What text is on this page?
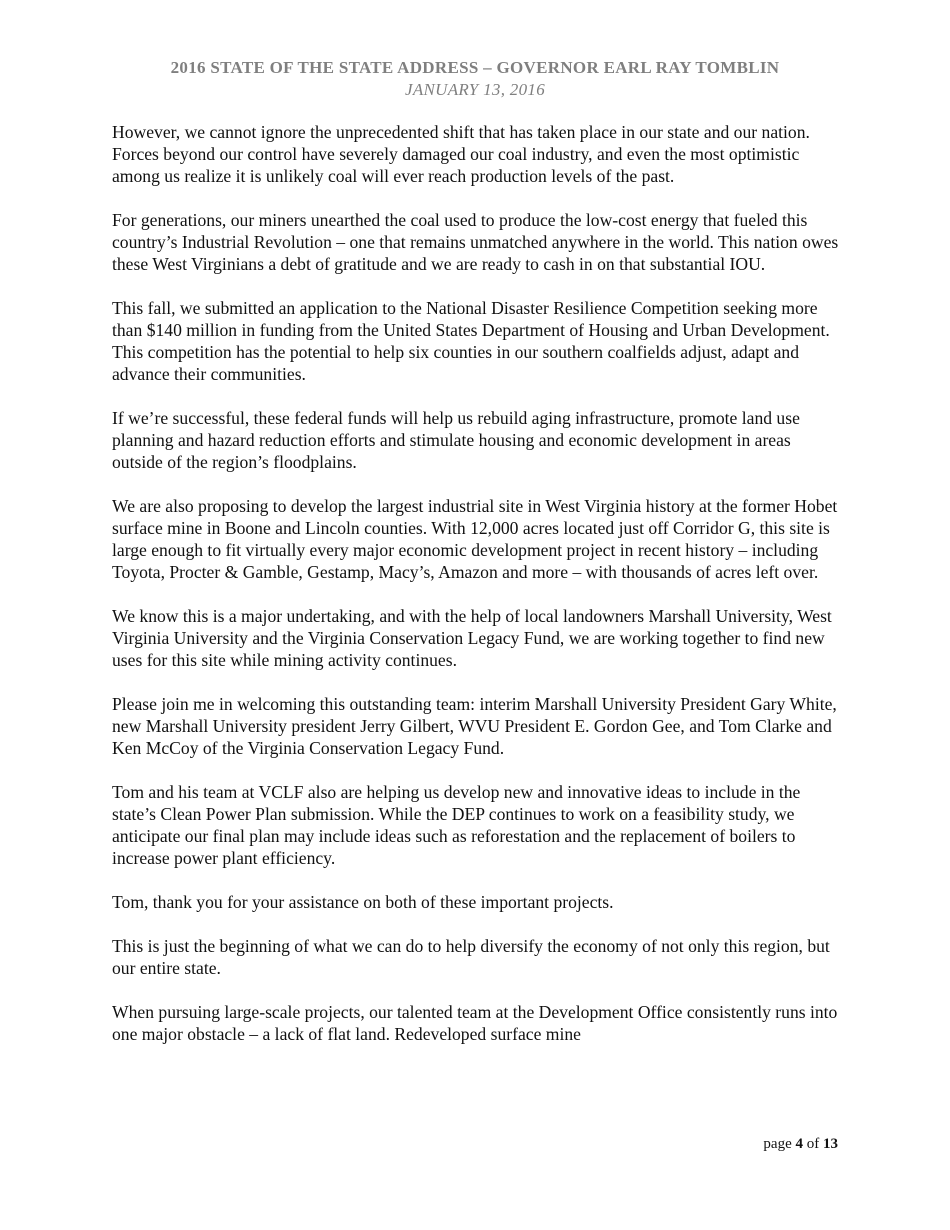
2016 STATE OF THE STATE ADDRESS – GOVERNOR EARL RAY TOMBLIN
JANUARY 13, 2016

However, we cannot ignore the unprecedented shift that has taken place in our state and our nation. Forces beyond our control have severely damaged our coal industry, and even the most optimistic among us realize it is unlikely coal will ever reach production levels of the past.

For generations, our miners unearthed the coal used to produce the low-cost energy that fueled this country’s Industrial Revolution – one that remains unmatched anywhere in the world. This nation owes these West Virginians a debt of gratitude and we are ready to cash in on that substantial IOU.

This fall, we submitted an application to the National Disaster Resilience Competition seeking more than $140 million in funding from the United States Department of Housing and Urban Development. This competition has the potential to help six counties in our southern coalfields adjust, adapt and advance their communities.

If we’re successful, these federal funds will help us rebuild aging infrastructure, promote land use planning and hazard reduction efforts and stimulate housing and economic development in areas outside of the region’s floodplains.

We are also proposing to develop the largest industrial site in West Virginia history at the former Hobet surface mine in Boone and Lincoln counties. With 12,000 acres located just off Corridor G, this site is large enough to fit virtually every major economic development project in recent history – including Toyota, Procter & Gamble, Gestamp, Macy’s, Amazon and more – with thousands of acres left over.

We know this is a major undertaking, and with the help of local landowners Marshall University, West Virginia University and the Virginia Conservation Legacy Fund, we are working together to find new uses for this site while mining activity continues.

Please join me in welcoming this outstanding team: interim Marshall University President Gary White, new Marshall University president Jerry Gilbert, WVU President E. Gordon Gee, and Tom Clarke and Ken McCoy of the Virginia Conservation Legacy Fund.

Tom and his team at VCLF also are helping us develop new and innovative ideas to include in the state’s Clean Power Plan submission. While the DEP continues to work on a feasibility study, we anticipate our final plan may include ideas such as reforestation and the replacement of boilers to increase power plant efficiency.

Tom, thank you for your assistance on both of these important projects.

This is just the beginning of what we can do to help diversify the economy of not only this region, but our entire state.

When pursuing large-scale projects, our talented team at the Development Office consistently runs into one major obstacle – a lack of flat land. Redeveloped surface mine

page 4 of 13
